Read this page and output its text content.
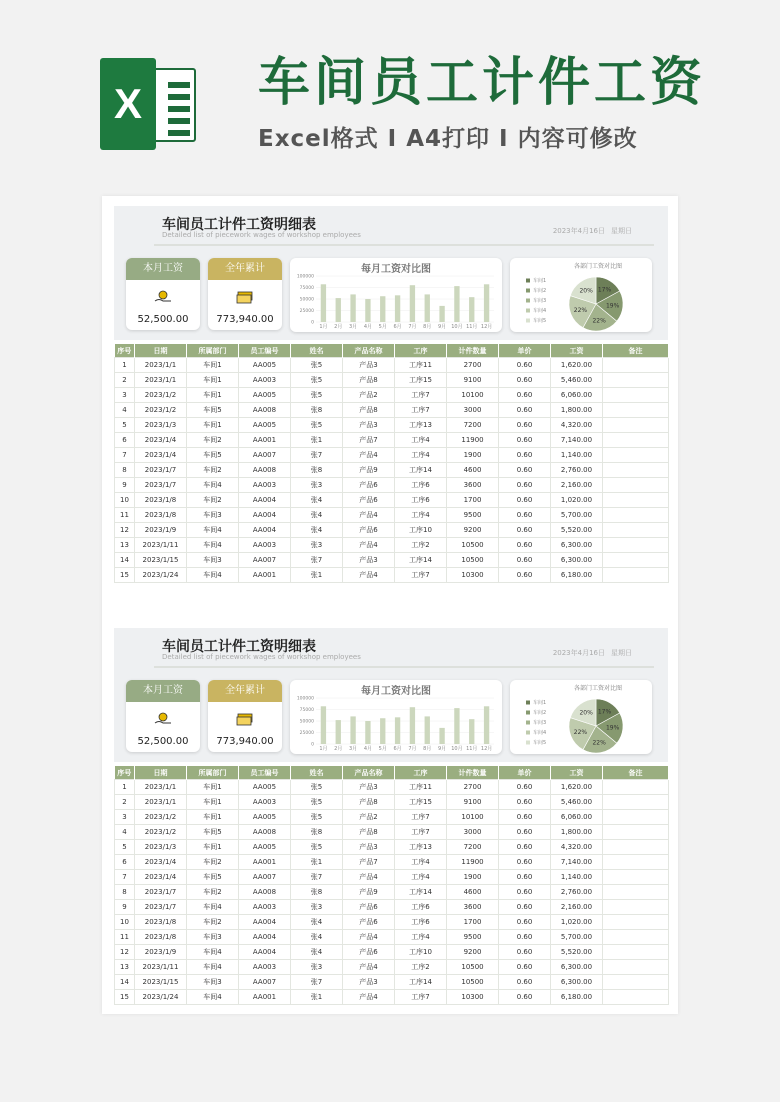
X 车间员工计件工资
Excel格式 I A4打印 I 内容可修改
车间员工计件工资明细表
Detailed list of piecework wages of workshop employees	2023年4月16日 星期日
本月工资
52,500.00
全年累计
773,940.00
每月工资对比图
100000
75000
50000
25000
0
1月 2月 3月 4月 5月 6月 7月 8月 9月 10月 11月 12月
各部门工资对比图
车间1
车间2
车间3
车间4
车间5
17%
19%
22%
22%
20%
序号	日期	所属部门	员工编号	姓名	产品名称	工序	计件数量	单价	工资	备注
1	2023/1/1	车间1	AA005	张5	产品3	工序11	2700	0.60	1,620.00	
2	2023/1/1	车间1	AA003	张5	产品8	工序15	9100	0.60	5,460.00	
3	2023/1/2	车间1	AA005	张5	产品2	工序7	10100	0.60	6,060.00	
4	2023/1/2	车间5	AA008	张8	产品8	工序7	3000	0.60	1,800.00	
5	2023/1/3	车间1	AA005	张5	产品3	工序13	7200	0.60	4,320.00	
6	2023/1/4	车间2	AA001	张1	产品7	工序4	11900	0.60	7,140.00	
7	2023/1/4	车间5	AA007	张7	产品4	工序4	1900	0.60	1,140.00	
8	2023/1/7	车间2	AA008	张8	产品9	工序14	4600	0.60	2,760.00	
9	2023/1/7	车间4	AA003	张3	产品6	工序6	3600	0.60	2,160.00	
10	2023/1/8	车间2	AA004	张4	产品6	工序6	1700	0.60	1,020.00	
11	2023/1/8	车间3	AA004	张4	产品4	工序4	9500	0.60	5,700.00	
12	2023/1/9	车间4	AA004	张4	产品6	工序10	9200	0.60	5,520.00	
13	2023/1/11	车间4	AA003	张3	产品4	工序2	10500	0.60	6,300.00	
14	2023/1/15	车间3	AA007	张7	产品3	工序14	10500	0.60	6,300.00	
15	2023/1/24	车间4	AA001	张1	产品4	工序7	10300	0.60	6,180.00	
车间员工计件工资明细表
Detailed list of piecework wages of workshop employees	2023年4月16日 星期日
本月工资
52,500.00
全年累计
773,940.00
每月工资对比图
100000
75000
50000
25000
0
1月 2月 3月 4月 5月 6月 7月 8月 9月 10月 11月 12月
各部门工资对比图
车间1
车间2
车间3
车间4
车间5
17%
19%
22%
22%
20%
序号	日期	所属部门	员工编号	姓名	产品名称	工序	计件数量	单价	工资	备注
1	2023/1/1	车间1	AA005	张5	产品3	工序11	2700	0.60	1,620.00	
2	2023/1/1	车间1	AA003	张5	产品8	工序15	9100	0.60	5,460.00	
3	2023/1/2	车间1	AA005	张5	产品2	工序7	10100	0.60	6,060.00	
4	2023/1/2	车间5	AA008	张8	产品8	工序7	3000	0.60	1,800.00	
5	2023/1/3	车间1	AA005	张5	产品3	工序13	7200	0.60	4,320.00	
6	2023/1/4	车间2	AA001	张1	产品7	工序4	11900	0.60	7,140.00	
7	2023/1/4	车间5	AA007	张7	产品4	工序4	1900	0.60	1,140.00	
8	2023/1/7	车间2	AA008	张8	产品9	工序14	4600	0.60	2,760.00	
9	2023/1/7	车间4	AA003	张3	产品6	工序6	3600	0.60	2,160.00	
10	2023/1/8	车间2	AA004	张4	产品6	工序6	1700	0.60	1,020.00	
11	2023/1/8	车间3	AA004	张4	产品4	工序4	9500	0.60	5,700.00	
12	2023/1/9	车间4	AA004	张4	产品6	工序10	9200	0.60	5,520.00	
13	2023/1/11	车间4	AA003	张3	产品4	工序2	10500	0.60	6,300.00	
14	2023/1/15	车间3	AA007	张7	产品3	工序14	10500	0.60	6,300.00	
15	2023/1/24	车间4	AA001	张1	产品4	工序7	10300	0.60	6,180.00	
